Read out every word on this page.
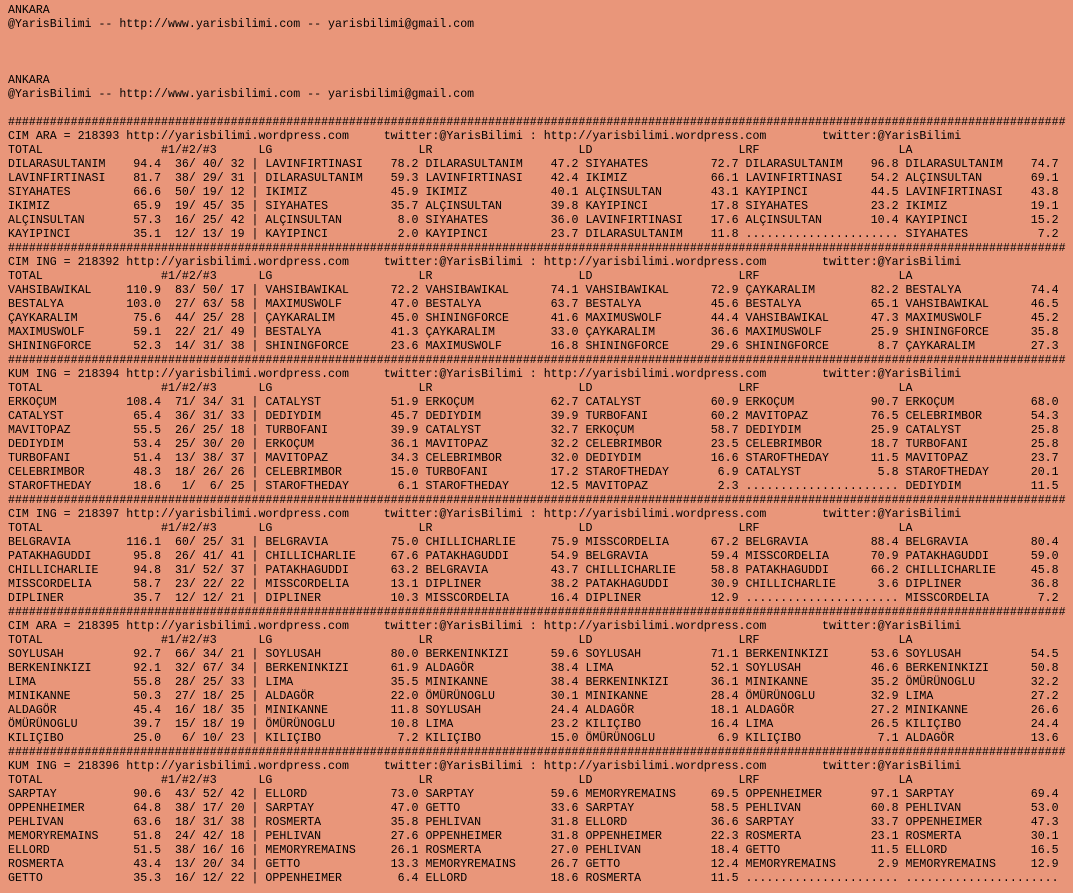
ANKARA
@YarisBilimi -- http://www.yarisbilimi.com -- yarisbilimi@gmail.com
ANKARA
@YarisBilimi -- http://www.yarisbilimi.com -- yarisbilimi@gmail.com
########################################################################################################################################################
CIM ARA = 218393 http://yarisbilimi.wordpress.com     twitter:@YarisBilimi : http://yarisbilimi.wordpress.com        twitter:@YarisBilimi
TOTAL                 #1/#2/#3      LG                     LR                     LD                     LRF                    LA
DILARASULTANIM    94.4  36/ 40/ 32 | LAVINFIRTINASI    78.2 DILARASULTANIM    47.2 SIYAHATES         72.7 DILARASULTANIM    96.8 DILARASULTANIM    74.7
LAVINFIRTINASI    81.7  38/ 29/ 31 | DILARASULTANIM    59.3 LAVINFIRTINASI    42.4 IKIMIZ            66.1 LAVINFIRTINASI    54.2 ALÇINSULTAN       69.1
SIYAHATES         66.6  50/ 19/ 12 | IKIMIZ            45.9 IKIMIZ            40.1 ALÇINSULTAN       43.1 KAYIPINCI         44.5 LAVINFIRTINASI    43.8
IKIMIZ            65.9  19/ 45/ 35 | SIYAHATES         35.7 ALÇINSULTAN       39.8 KAYIPINCI         17.8 SIYAHATES         23.2 IKIMIZ            19.1
ALÇINSULTAN       57.3  16/ 25/ 42 | ALÇINSULTAN        8.0 SIYAHATES         36.0 LAVINFIRTINASI    17.6 ALÇINSULTAN       10.4 KAYIPINCI         15.2
KAYIPINCI         35.1  12/ 13/ 19 | KAYIPINCI          2.0 KAYIPINCI         23.7 DILARASULTANIM    11.8 ...................... SIYAHATES          7.2
########################################################################################################################################################
CIM ING = 218392 http://yarisbilimi.wordpress.com     twitter:@YarisBilimi : http://yarisbilimi.wordpress.com        twitter:@YarisBilimi
TOTAL                 #1/#2/#3      LG                     LR                     LD                     LRF                    LA
VAHSIBAWIKAL     110.9  83/ 50/ 17 | VAHSIBAWIKAL      72.2 VAHSIBAWIKAL      74.1 VAHSIBAWIKAL      72.9 ÇAYKARALIM        82.2 BESTALYA          74.4
BESTALYA         103.0  27/ 63/ 58 | MAXIMUSWOLF       47.0 BESTALYA          63.7 BESTALYA          45.6 BESTALYA          65.1 VAHSIBAWIKAL      46.5
ÇAYKARALIM        75.6  44/ 25/ 28 | ÇAYKARALIM        45.0 SHININGFORCE      41.6 MAXIMUSWOLF       44.4 VAHSIBAWIKAL      47.3 MAXIMUSWOLF       45.2
MAXIMUSWOLF       59.1  22/ 21/ 49 | BESTALYA          41.3 ÇAYKARALIM        33.0 ÇAYKARALIM        36.6 MAXIMUSWOLF       25.9 SHININGFORCE      35.8
SHININGFORCE      52.3  14/ 31/ 38 | SHININGFORCE      23.6 MAXIMUSWOLF       16.8 SHININGFORCE      29.6 SHININGFORCE       8.7 ÇAYKARALIM        27.3
########################################################################################################################################################
KUM ING = 218394 http://yarisbilimi.wordpress.com     twitter:@YarisBilimi : http://yarisbilimi.wordpress.com        twitter:@YarisBilimi
TOTAL                 #1/#2/#3      LG                     LR                     LD                     LRF                    LA
ERKOÇUM          108.4  71/ 34/ 31 | CATALYST          51.9 ERKOÇUM           62.7 CATALYST          60.9 ERKOÇUM           90.7 ERKOÇUM           68.0
CATALYST          65.4  36/ 31/ 33 | DEDIYDIM          45.7 DEDIYDIM          39.9 TURBOFANI         60.2 MAVITOPAZ         76.5 CELEBRIMBOR       54.3
MAVITOPAZ         55.5  26/ 25/ 18 | TURBOFANI         39.9 CATALYST          32.7 ERKOÇUM           58.7 DEDIYDIM          25.9 CATALYST          25.8
DEDIYDIM          53.4  25/ 30/ 20 | ERKOÇUM           36.1 MAVITOPAZ         32.2 CELEBRIMBOR       23.5 CELEBRIMBOR       18.7 TURBOFANI         25.8
TURBOFANI         51.4  13/ 38/ 37 | MAVITOPAZ         34.3 CELEBRIMBOR       32.0 DEDIYDIM          16.6 STAROFTHEDAY      11.5 MAVITOPAZ         23.7
CELEBRIMBOR       48.3  18/ 26/ 26 | CELEBRIMBOR       15.0 TURBOFANI         17.2 STAROFTHEDAY       6.9 CATALYST           5.8 STAROFTHEDAY      20.1
STAROFTHEDAY      18.6   1/  6/ 25 | STAROFTHEDAY       6.1 STAROFTHEDAY      12.5 MAVITOPAZ          2.3 ...................... DEDIYDIM          11.5
########################################################################################################################################################
CIM ING = 218397 http://yarisbilimi.wordpress.com     twitter:@YarisBilimi : http://yarisbilimi.wordpress.com        twitter:@YarisBilimi
TOTAL                 #1/#2/#3      LG                     LR                     LD                     LRF                    LA
BELGRAVIA        116.1  60/ 25/ 31 | BELGRAVIA         75.0 CHILLICHARLIE     75.9 MISSCORDELIA      67.2 BELGRAVIA         88.4 BELGRAVIA         80.4
PATAKHAGUDDI      95.8  26/ 41/ 41 | CHILLICHARLIE     67.6 PATAKHAGUDDI      54.9 BELGRAVIA         59.4 MISSCORDELIA      70.9 PATAKHAGUDDI      59.0
CHILLICHARLIE     94.8  31/ 52/ 37 | PATAKHAGUDDI      63.2 BELGRAVIA         43.7 CHILLICHARLIE     58.8 PATAKHAGUDDI      66.2 CHILLICHARLIE     45.8
MISSCORDELIA      58.7  23/ 22/ 22 | MISSCORDELIA      13.1 DIPLINER          38.2 PATAKHAGUDDI      30.9 CHILLICHARLIE      3.6 DIPLINER          36.8
DIPLINER          35.7  12/ 12/ 21 | DIPLINER          10.3 MISSCORDELIA      16.4 DIPLINER          12.9 ...................... MISSCORDELIA       7.2
########################################################################################################################################################
CIM ARA = 218395 http://yarisbilimi.wordpress.com     twitter:@YarisBilimi : http://yarisbilimi.wordpress.com        twitter:@YarisBilimi
TOTAL                 #1/#2/#3      LG                     LR                     LD                     LRF                    LA
SOYLUSAH          92.7  66/ 34/ 21 | SOYLUSAH          80.0 BERKENINKIZI      59.6 SOYLUSAH          71.1 BERKENINKIZI      53.6 SOYLUSAH          54.5
BERKENINKIZI      92.1  32/ 67/ 34 | BERKENINKIZI      61.9 ALDAGÖR           38.4 LIMA              52.1 SOYLUSAH          46.6 BERKENINKIZI      50.8
LIMA              55.8  28/ 25/ 33 | LIMA              35.5 MINIKANNE         38.4 BERKENINKIZI      36.1 MINIKANNE         35.2 ÖMÜRÜNOGLU        32.2
MINIKANNE         50.3  27/ 18/ 25 | ALDAGÖR           22.0 ÖMÜRÜNOGLU        30.1 MINIKANNE         28.4 ÖMÜRÜNOGLU        32.9 LIMA              27.2
ALDAGÖR           45.4  16/ 18/ 35 | MINIKANNE         11.8 SOYLUSAH          24.4 ALDAGÖR           18.1 ALDAGÖR           27.2 MINIKANNE         26.6
ÖMÜRÜNOGLU        39.7  15/ 18/ 19 | ÖMÜRÜNOGLU        10.8 LIMA              23.2 KILIÇIBO          16.4 LIMA              26.5 KILIÇIBO          24.4
KILIÇIBO          25.0   6/ 10/ 23 | KILIÇIBO           7.2 KILIÇIBO          15.0 ÖMÜRÜNOGLU         6.9 KILIÇIBO           7.1 ALDAGÖR           13.6
########################################################################################################################################################
KUM ING = 218396 http://yarisbilimi.wordpress.com     twitter:@YarisBilimi : http://yarisbilimi.wordpress.com        twitter:@YarisBilimi
TOTAL                 #1/#2/#3      LG                     LR                     LD                     LRF                    LA
SARPTAY           90.6  43/ 52/ 42 | ELLORD            73.0 SARPTAY           59.6 MEMORYREMAINS     69.5 OPPENHEIMER       97.1 SARPTAY           69.4
OPPENHEIMER       64.8  38/ 17/ 20 | SARPTAY           47.0 GETTO             33.6 SARPTAY           58.5 PEHLIVAN          60.8 PEHLIVAN          53.0
PEHLIVAN          63.6  18/ 31/ 38 | ROSMERTA          35.8 PEHLIVAN          31.8 ELLORD            36.6 SARPTAY           33.7 OPPENHEIMER       47.3
MEMORYREMAINS     51.8  24/ 42/ 18 | PEHLIVAN          27.6 OPPENHEIMER       31.8 OPPENHEIMER       22.3 ROSMERTA          23.1 ROSMERTA          30.1
ELLORD            51.5  38/ 16/ 16 | MEMORYREMAINS     26.1 ROSMERTA          27.0 PEHLIVAN          18.4 GETTO             11.5 ELLORD            16.5
ROSMERTA          43.4  13/ 20/ 34 | GETTO             13.3 MEMORYREMAINS     26.7 GETTO             12.4 MEMORYREMAINS      2.9 MEMORYREMAINS     12.9
GETTO             35.3  16/ 12/ 22 | OPPENHEIMER        6.4 ELLORD            18.6 ROSMERTA          11.5 ...................... ......................
